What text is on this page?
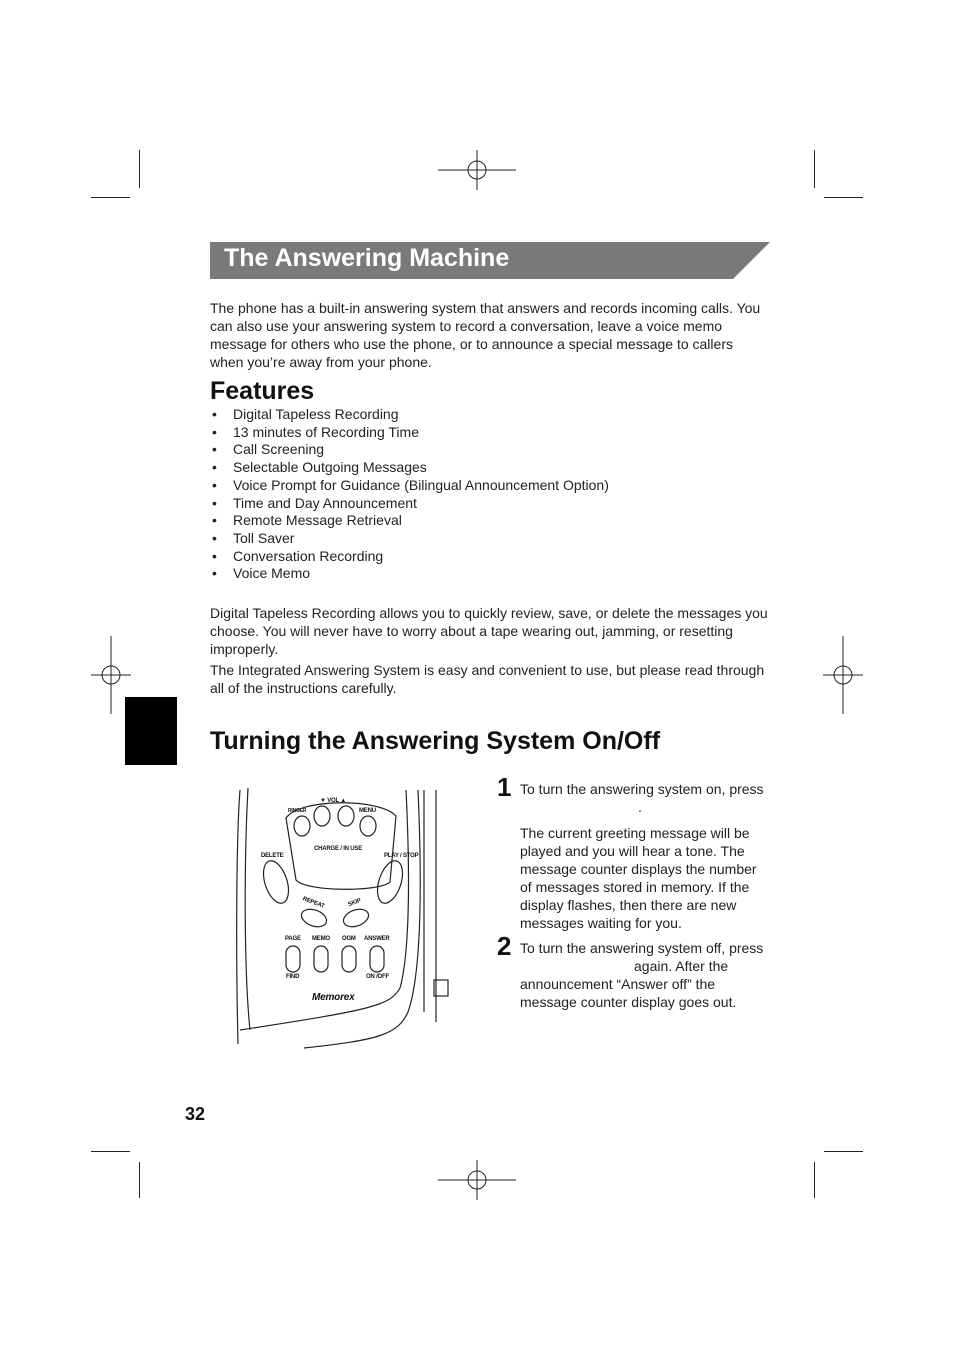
The Answering Machine

The phone has a built-in answering system that answers and records incoming calls. You can also use your answering system to record a conversation, leave a voice memo message for others who use the phone, or to announce a special message to callers when you’re away from your phone.

Features
• Digital Tapeless Recording
• 13 minutes of Recording Time
• Call Screening
• Selectable Outgoing Messages
• Voice Prompt for Guidance (Bilingual Announcement Option)
• Time and Day Announcement
• Remote Message Retrieval
• Toll Saver
• Conversation Recording
• Voice Memo

Digital Tapeless Recording allows you to quickly review, save, or delete the messages you choose. You will never have to worry about a tape wearing out, jamming, or resetting improperly.

The Integrated Answering System is easy and convenient to use, but please read through all of the instructions carefully.

Turning the Answering System On/Off
▼ VOL ▲
RINGER	MENU
CHARGE / IN USE
DELETE	PLAY / STOP
REPEAT	SKIP
PAGE MEMO OGM ANSWER
FIND	ON /OFF
Memorex
1 To turn the answering system on, press.

The current greeting message will be played and you will hear a tone. The message counter displays the number of messages stored in memory. If the display flashes, then there are new messages waiting for you.

2 To turn the answering system off, pressagain. After the announcement “Answer off” the message counter display goes out.

32
